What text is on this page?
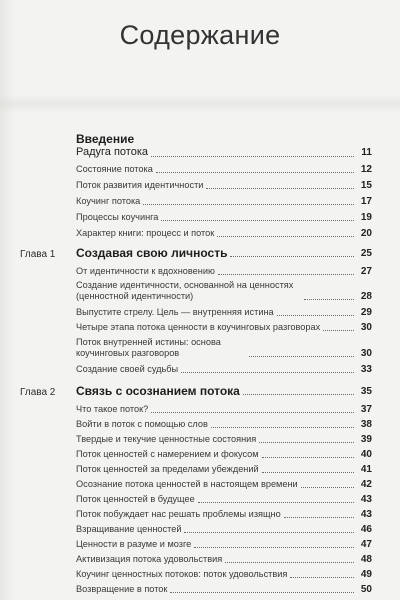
Содержание
Введение
Радуга потока	11
Состояние потока	12
Поток развития идентичности	15
Коучинг потока	17
Процессы коучинга	19
Характер книги: процесс и поток	20
Глава 1 Создавая свою личность	25
От идентичности к вдохновению	27
Создание идентичности, основанной на ценностях (ценностной идентичности)	28
Выпустите стрелу. Цель — внутренняя истина	29
Четыре этапа потока ценности в коучинговых разговорах	30
Поток внутренней истины: основа коучинговых разговоров	30
Создание своей судьбы	33
Глава 2 Связь с осознанием потока	35
Что такое поток?	37
Войти в поток с помощью слов	38
Твердые и текучие ценностные состояния	39
Поток ценностей с намерением и фокусом	40
Поток ценностей за пределами убеждений	41
Осознание потока ценностей в настоящем времени	42
Поток ценностей в будущее	43
Поток побуждает нас решать проблемы изящно	43
Взращивание ценностей	46
Ценности в разуме и мозге	47
Активизация потока удовольствия	48
Коучинг ценностных потоков: поток удовольствия	49
Возвращение в поток	50
